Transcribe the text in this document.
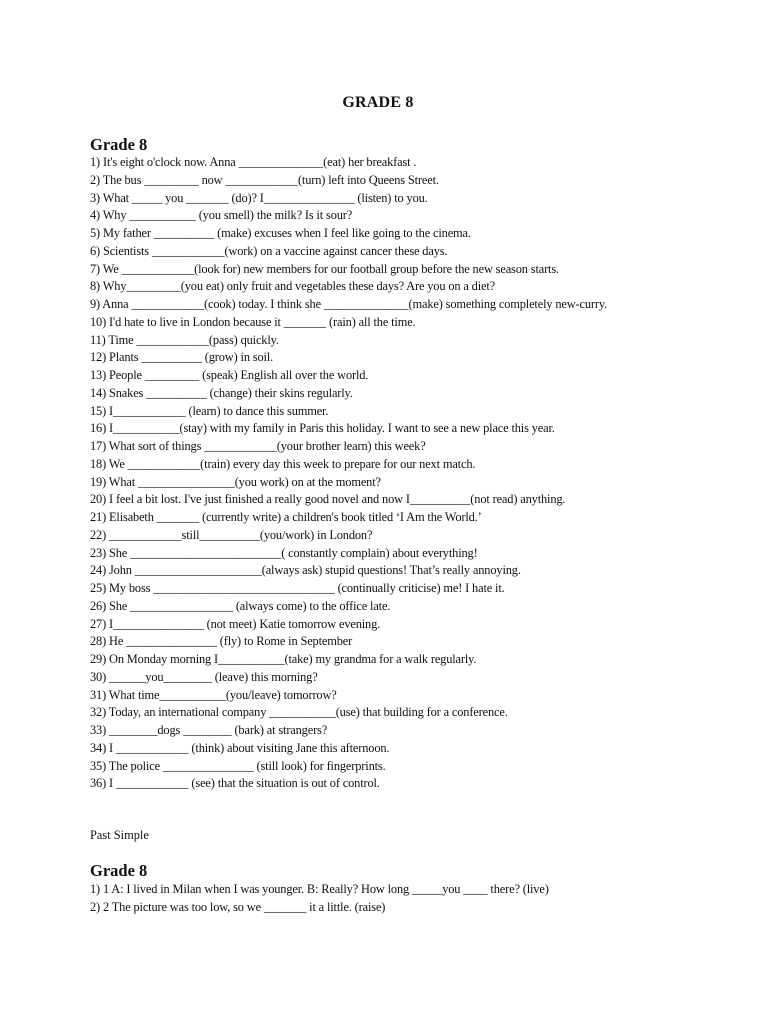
GRADE 8
Grade 8
1) It's eight o'clock now. Anna ______________(eat) her breakfast .
2) The bus _________ now ____________(turn) left into Queens Street.
3) What _____ you _______ (do)? I_______________ (listen) to you.
4) Why ___________ (you smell) the milk? Is it sour?
5) My father __________ (make) excuses when I feel like going to the cinema.
6) Scientists ____________(work) on a vaccine against cancer these days.
7) We ____________(look for) new members for our football group before the new season starts.
8) Why_________(you eat) only fruit and vegetables these days? Are you on a diet?
9) Anna ____________(cook) today. I think she ______________(make) something completely new-curry.
10) I'd hate to live in London because it _______ (rain) all the time.
11) Time ____________(pass) quickly.
12) Plants __________ (grow) in soil.
13) People _________ (speak) English all over the world.
14) Snakes __________ (change) their skins regularly.
15) I____________ (learn) to dance this summer.
16) I___________(stay) with my family in Paris this holiday. I want to see a new place this year.
17) What sort of things ____________(your brother learn) this week?
18) We ____________(train) every day this week to prepare for our next match.
19) What ________________(you work) on at the moment?
20) I feel a bit lost. I've just finished a really good novel and now I__________(not read) anything.
21) Elisabeth _______ (currently write) a children's book titled ‘I Am the World.’
22) ____________still__________(you/work) in London?
23) She _________________________( constantly complain) about everything!
24) John _____________________(always ask) stupid questions! That’s really annoying.
25) My boss ______________________________ (continually criticise) me! I hate it.
26) She _________________ (always come) to the office late.
27) I_______________ (not meet) Katie tomorrow evening.
28) He _______________ (fly) to Rome in September
29) On Monday morning I___________(take) my grandma for a walk regularly.
30) ______you________ (leave) this morning?
31) What time___________(you/leave) tomorrow?
32) Today, an international company ___________(use) that building for a conference.
33) ________dogs ________ (bark) at strangers?
34) I ____________ (think) about visiting Jane this afternoon.
35) The police _______________ (still look) for fingerprints.
36) I ____________ (see) that the situation is out of control.
Past Simple
Grade 8
1) 1 A: I lived in Milan when I was younger. B: Really? How long _____you ____ there? (live)
2) 2 The picture was too low, so we _______ it a little. (raise)
